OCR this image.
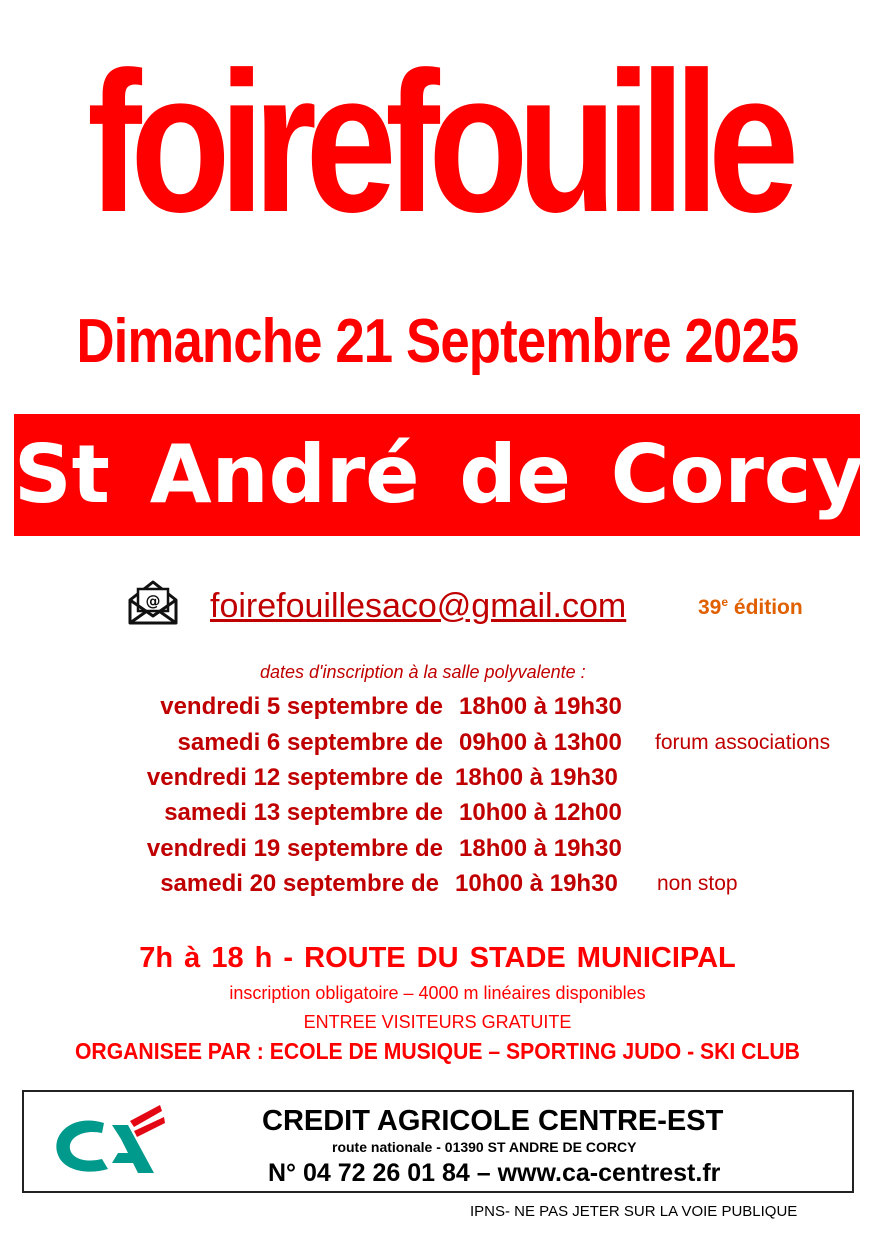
foirefouille
Dimanche 21 Septembre 2025
St André de Corcy
@ foirefouillesaco@gmail.com	39e édition
dates d'inscription à la salle polyvalente :
vendredi 5 septembre de 18h00 à 19h30
samedi 6 septembre de 09h00 à 13h00 forum associations
vendredi 12 septembre de 18h00 à 19h30
samedi 13 septembre de 10h00 à 12h00
vendredi 19 septembre de 18h00 à 19h30
samedi 20 septembre de 10h00 à 19h30 non stop
7h à 18 h - ROUTE DU STADE MUNICIPAL
inscription obligatoire – 4000 m linéaires disponibles
ENTREE VISITEURS GRATUITE
ORGANISEE PAR : ECOLE DE MUSIQUE – SPORTING JUDO - SKI CLUB
CREDIT AGRICOLE CENTRE-EST
route nationale - 01390 ST ANDRE DE CORCY
N° 04 72 26 01 84 – www.ca-centrest.fr
IPNS- NE PAS JETER SUR LA VOIE PUBLIQUE
